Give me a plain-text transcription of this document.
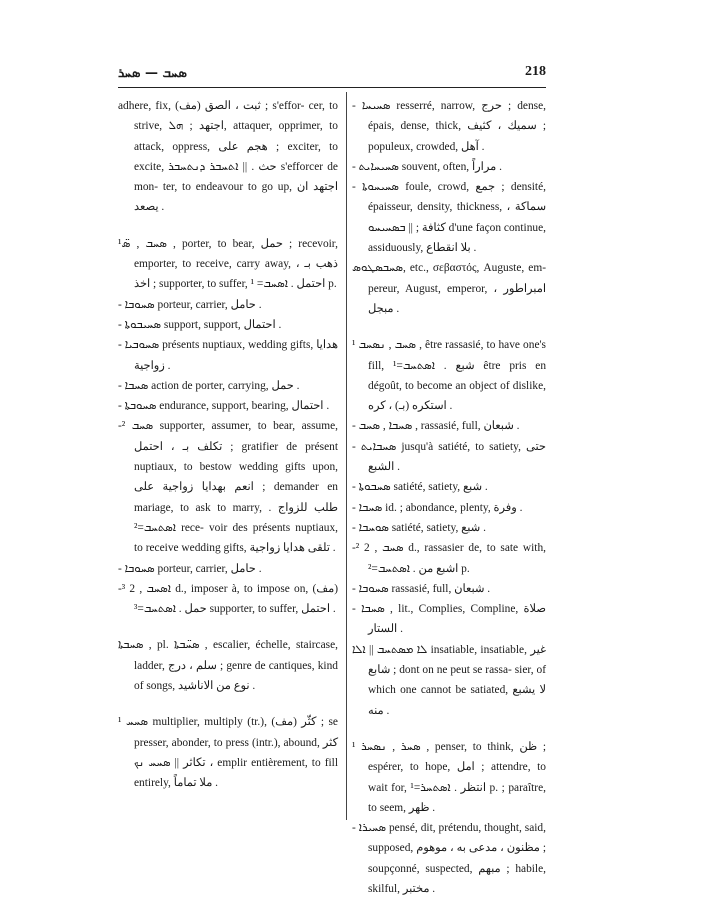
ܣܚܒ — ܣܚܪ	218

adhere, fix, (مف) ثبت ، الصق ; s'effor- cer, to strive, اجتهد ; ܗܠ, attaquer, opprimer, to attack, oppress, هجم على ; exciter, to excite, حث . || ܐܬܚܒܪ ܕܢܬܚܒܪ s'efforcer de mon- ter, to endeavour to go up, اجتهد ان يصعد .

¹ܣܚܒ , ܣ̈ , porter, to bear, حمل ; recevoir, emporter, to receive, carry away, ذهب بـ ، اخذ ; supporter, to suffer, احتمل . ܐܣܚܒ= ¹ p.

- ܣܚܘܒܐ porteur, carrier, حامل .

- ܣܚܝܒܘܬܐ support, support, احتمال .

- ܣܚܘܒܝܐ présents nuptiaux, wedding gifts, هدايا زواجية .

- ܣܚܒܐ action de porter, carrying, حمل .

- ܣܚܘܒܬܐ endurance, support, bearing, احتمال .

-² ܣܚܒ supporter, assumer, to bear, assume, تكلف بـ ، احتمل ; gratifier de présent nuptiaux, to bestow wedding gifts upon, انعم بهدايا زواجية على ; demander en mariage, to ask to marry, طلب للزواج . ܐܣܬܚܒ=² rece- voir des présents nuptiaux, to receive wedding gifts, تلقى هدايا زواجية .

- ܣܚܘܒܐ porteur, carrier, حامل .

-³ ܐܣܚܒ , 2 d., imposer à, to impose on, (مف) حمل . ܐܣܬܚܒ=³ supporter, to suffer, احتمل .

ܣܚܒܬܐ , pl. ܣܚ̈ܒܬܐ , escalier, échelle, staircase, ladder, سلم ، درج ; genre de cantiques, kind of songs, نوع من الاناشيد .

¹ ܣܚܚ multiplier, multiply (tr.), (مف) كثّر ; se presser, abonder, to press (intr.), abound, كثر ، تكاثر || ܣܚܚ ܢܟ emplir entièrement, to fill entirely, ملا تماماً .

- ܣܚܝܚܐ resserré, narrow, حرج ; dense, épais, dense, thick, سميك ، كثيف ; populeux, crowded, آهل .

- ܣܚܝܚܐܝܬ souvent, often, مراراً .

- ܣܚܝܚܘܬܐ foule, crowd, جمع ; densité, épaisseur, density, thickness, سماكة ، كثافة ; || ܒܣܚܝܚܘ d'une façon continue, assiduously, بلا انقطاع .

ܣܚܒܣܛܘܣ, etc., σεβαστός, Auguste, em- pereur, August, emperor, امبراطور ، مبجل .

¹ ܣܚܒ , ܢܣܚܒ , être rassasié, to have one's fill, شبع . ܐܣܬܚܒ=¹ être pris en dégoût, to become an object of dislike, استكره (بـ) ، كره .

- ܣܚܒܐ , ܣܚܒ , rassasié, full, شبعان .

- ܣܚܒܐܝܬ jusqu'à satiété, to satiety, حتى الشبع .

- ܣܚܒܘܬܐ satiété, satiety, شبع .

- ܣܚܒܐ id. ; abondance, plenty, وفرة .

- ܣܘܚܒܐ satiété, satiety, شبع .

-² ܣܚܒ , 2 d., rassasier de, to sate with, اشبع من . ܐܣܬܚܒ=² p.

- ܣܚܘܒܐ rassasié, full, شبعان .

- ܣܚܒܐ , lit., Complies, Compline, صلاة الستار .

ܠܐ ܡܣܬܚܒ || ܐܠܐ insatiable, insatiable, غير شابع ; dont on ne peut se rassa- sier, of which one cannot be satiated, لا يشبع منه .

¹ ܣܚܪ , ܢܣܚܪ , penser, to think, ظن ; espérer, to hope, امل ; attendre, to wait for, انتظر . ܐܣܬܚܪ=¹ p. ; paraître, to seem, ظهر .

- ܣܚܝܪܐ pensé, dit, prétendu, thought, said, supposed, مظنون ، مدعى به ، موهوم ; soupçonné, suspected, مبهم ; habile, skilful, مختبر .
